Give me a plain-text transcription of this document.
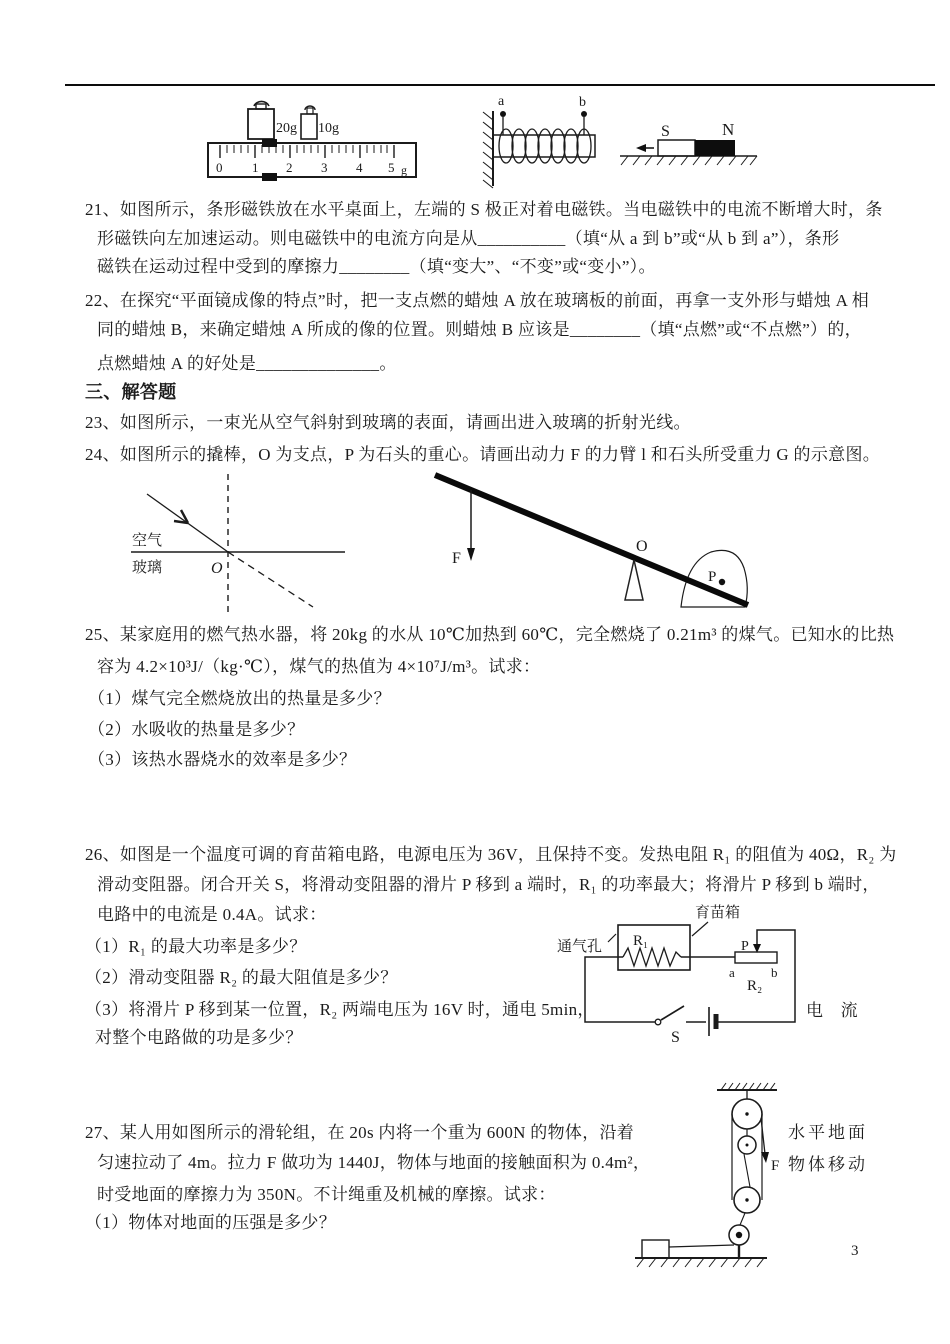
20g 10g
0 1 2 3 4 5 g
a	b
S	N
21、如图所示，条形磁铁放在水平桌面上，左端的 S 极正对着电磁铁。当电磁铁中的电流不断增大时，条
形磁铁向左加速运动。则电磁铁中的电流方向是从__________（填“从 a 到 b”或“从 b 到 a”），条形
磁铁在运动过程中受到的摩擦力________（填“变大”、“不变”或“变小”）。
22、在探究“平面镜成像的特点”时，把一支点燃的蜡烛 A 放在玻璃板的前面，再拿一支外形与蜡烛 A 相
同的蜡烛 B，来确定蜡烛 A 所成的像的位置。则蜡烛 B 应该是________（填“点燃”或“不点燃”）的，
点燃蜡烛 A 的好处是______________。
三、解答题
23、如图所示，一束光从空气斜射到玻璃的表面，请画出进入玻璃的折射光线。
24、如图所示的撬棒，O 为支点，P 为石头的重心。请画出动力 F 的力臂 l 和石头所受重力 G 的示意图。
空气
玻璃	O
F
O
P
25、某家庭用的燃气热水器，将 20kg 的水从 10℃加热到 60℃，完全燃烧了 0.21m³ 的煤气。已知水的比热
容为 4.2×10³J/（kg·℃），煤气的热值为 4×10⁷J/m³。试求：
（1）煤气完全燃烧放出的热量是多少？
（2）水吸收的热量是多少？
（3）该热水器烧水的效率是多少？
26、如图是一个温度可调的育苗箱电路，电源电压为 36V，且保持不变。发热电阻 R₁ 的阻值为 40Ω，R₂ 为
滑动变阻器。闭合开关 S，将滑动变阻器的滑片 P 移到 a 端时，R₁ 的功率最大；将滑片 P 移到 b 端时，
电路中的电流是 0.4A。试求：
（1）R₁ 的最大功率是多少？
（2）滑动变阻器 R₂ 的最大阻值是多少？
（3）将滑片 P 移到某一位置，R₂ 两端电压为 16V 时，通电 5min，
对整个电路做的功是多少？
电　流
育苗箱
R₁
通气孔
S
P
a	b
R₂
27、某人用如图所示的滑轮组，在 20s 内将一个重为 600N 的物体，沿着
匀速拉动了 4m。拉力 F 做功为 1440J，物体与地面的接触面积为 0.4m²，
时受地面的摩擦力为 350N。不计绳重及机械的摩擦。试求：
（1）物体对地面的压强是多少？
水平地面
物体移动
F
3
